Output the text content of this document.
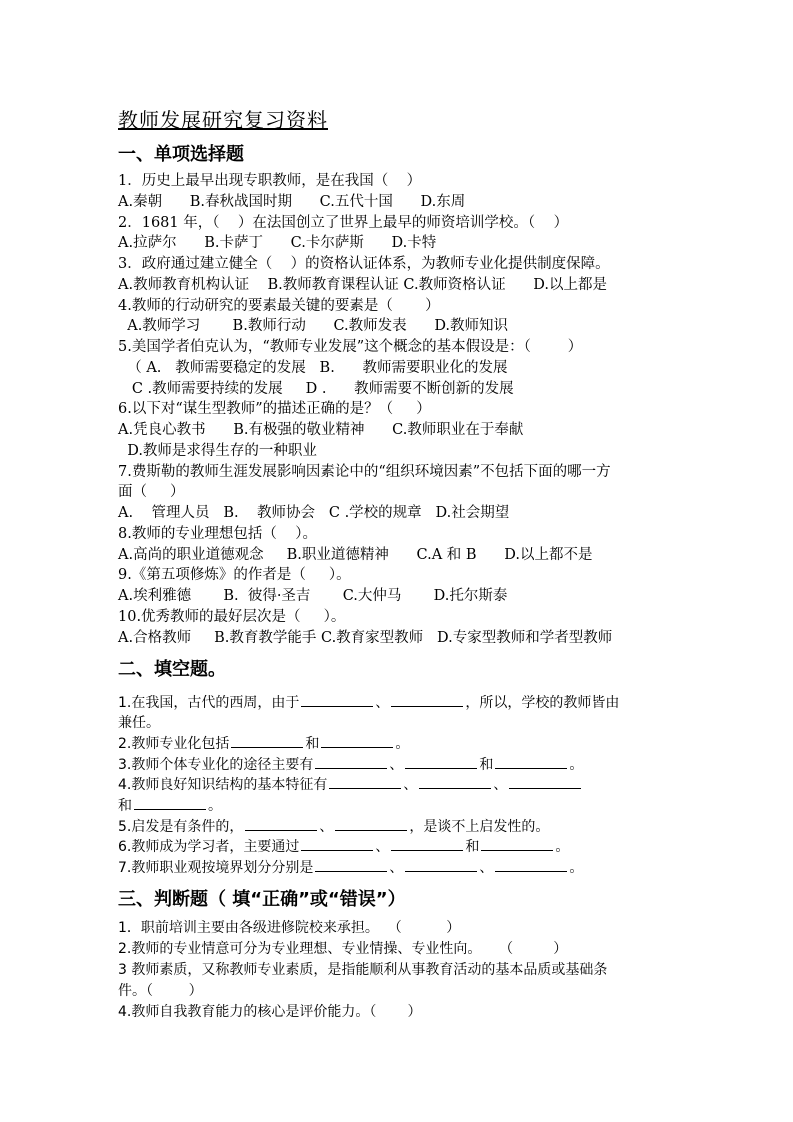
教师发展研究复习资料
一、单项选择题
1．历史上最早出现专职教师，是在我国（    ）
A.秦朝      B.春秋战国时期      C.五代十国      D.东周
2．1681 年，（    ）在法国创立了世界上最早的师资培训学校。（    ）
A.拉萨尔      B.卡萨丁      C.卡尔萨斯      D.卡特
3．政府通过建立健全（    ）的资格认证体系，为教师专业化提供制度保障。
A.教师教育机构认证    B.教师教育课程认证 C.教师资格认证      D.以上都是
4.教师的行动研究的要素最关键的要素是（       ）
A.教师学习       B.教师行动      C.教师发表      D.教师知识
5.美国学者伯克认为，“教师专业发展”这个概念的基本假设是：（        ）
（ A.   教师需要稳定的发展   B.      教师需要职业化的发展
C .教师需要持续的发展     D .      教师需要不断创新的发展
6.以下对“谋生型教师”的描述正确的是？（     ）
A.凭良心教书      B.有极强的敬业精神      C.教师职业在于奉献
D.教师是求得生存的一种职业
7.费斯勒的教师生涯发展影响因素论中的“组织环境因素”不包括下面的哪一方
面（     ）
A.    管理人员   B.    教师协会   C .学校的规章   D.社会期望
8.教师的专业理想包括（    ）。
A.高尚的职业道德观念     B.职业道德精神      C.A 和 B      D.以上都不是
9.《第五项修炼》的作者是（     ）。
A.埃利雅德       B.  彼得·圣吉       C.大仲马       D.托尔斯泰
10.优秀教师的最好层次是（     ）。
A.合格教师     B.教育教学能手 C.教育家型教师   D.专家型教师和学者型教师
二、填空题。
1.在我国，古代的西周，由于	、	，所以，学校的教师皆由
兼任。
2.教师专业化包括	和	。
3.教师个体专业化的途径主要有	、	和	。
4.教师良好知识结构的基本特征有	、	、
和	。
5.启发是有条件的，	、	，是谈不上启发性的。
6.教师成为学习者，主要通过	、	和	。
7.教师职业观按境界划分分别是	、	、	。
三、判断题（ 填“正确”或“错误”）
1．职前培训主要由各级进修院校来承担。  （          ）
2.教师的专业情意可分为专业理想、专业情操、专业性向。    （         ）
3 教师素质，又称教师专业素质，是指能顺利从事教育活动的基本品质或基础条
件。（        ）
4.教师自我教育能力的核心是评价能力。（       ）
